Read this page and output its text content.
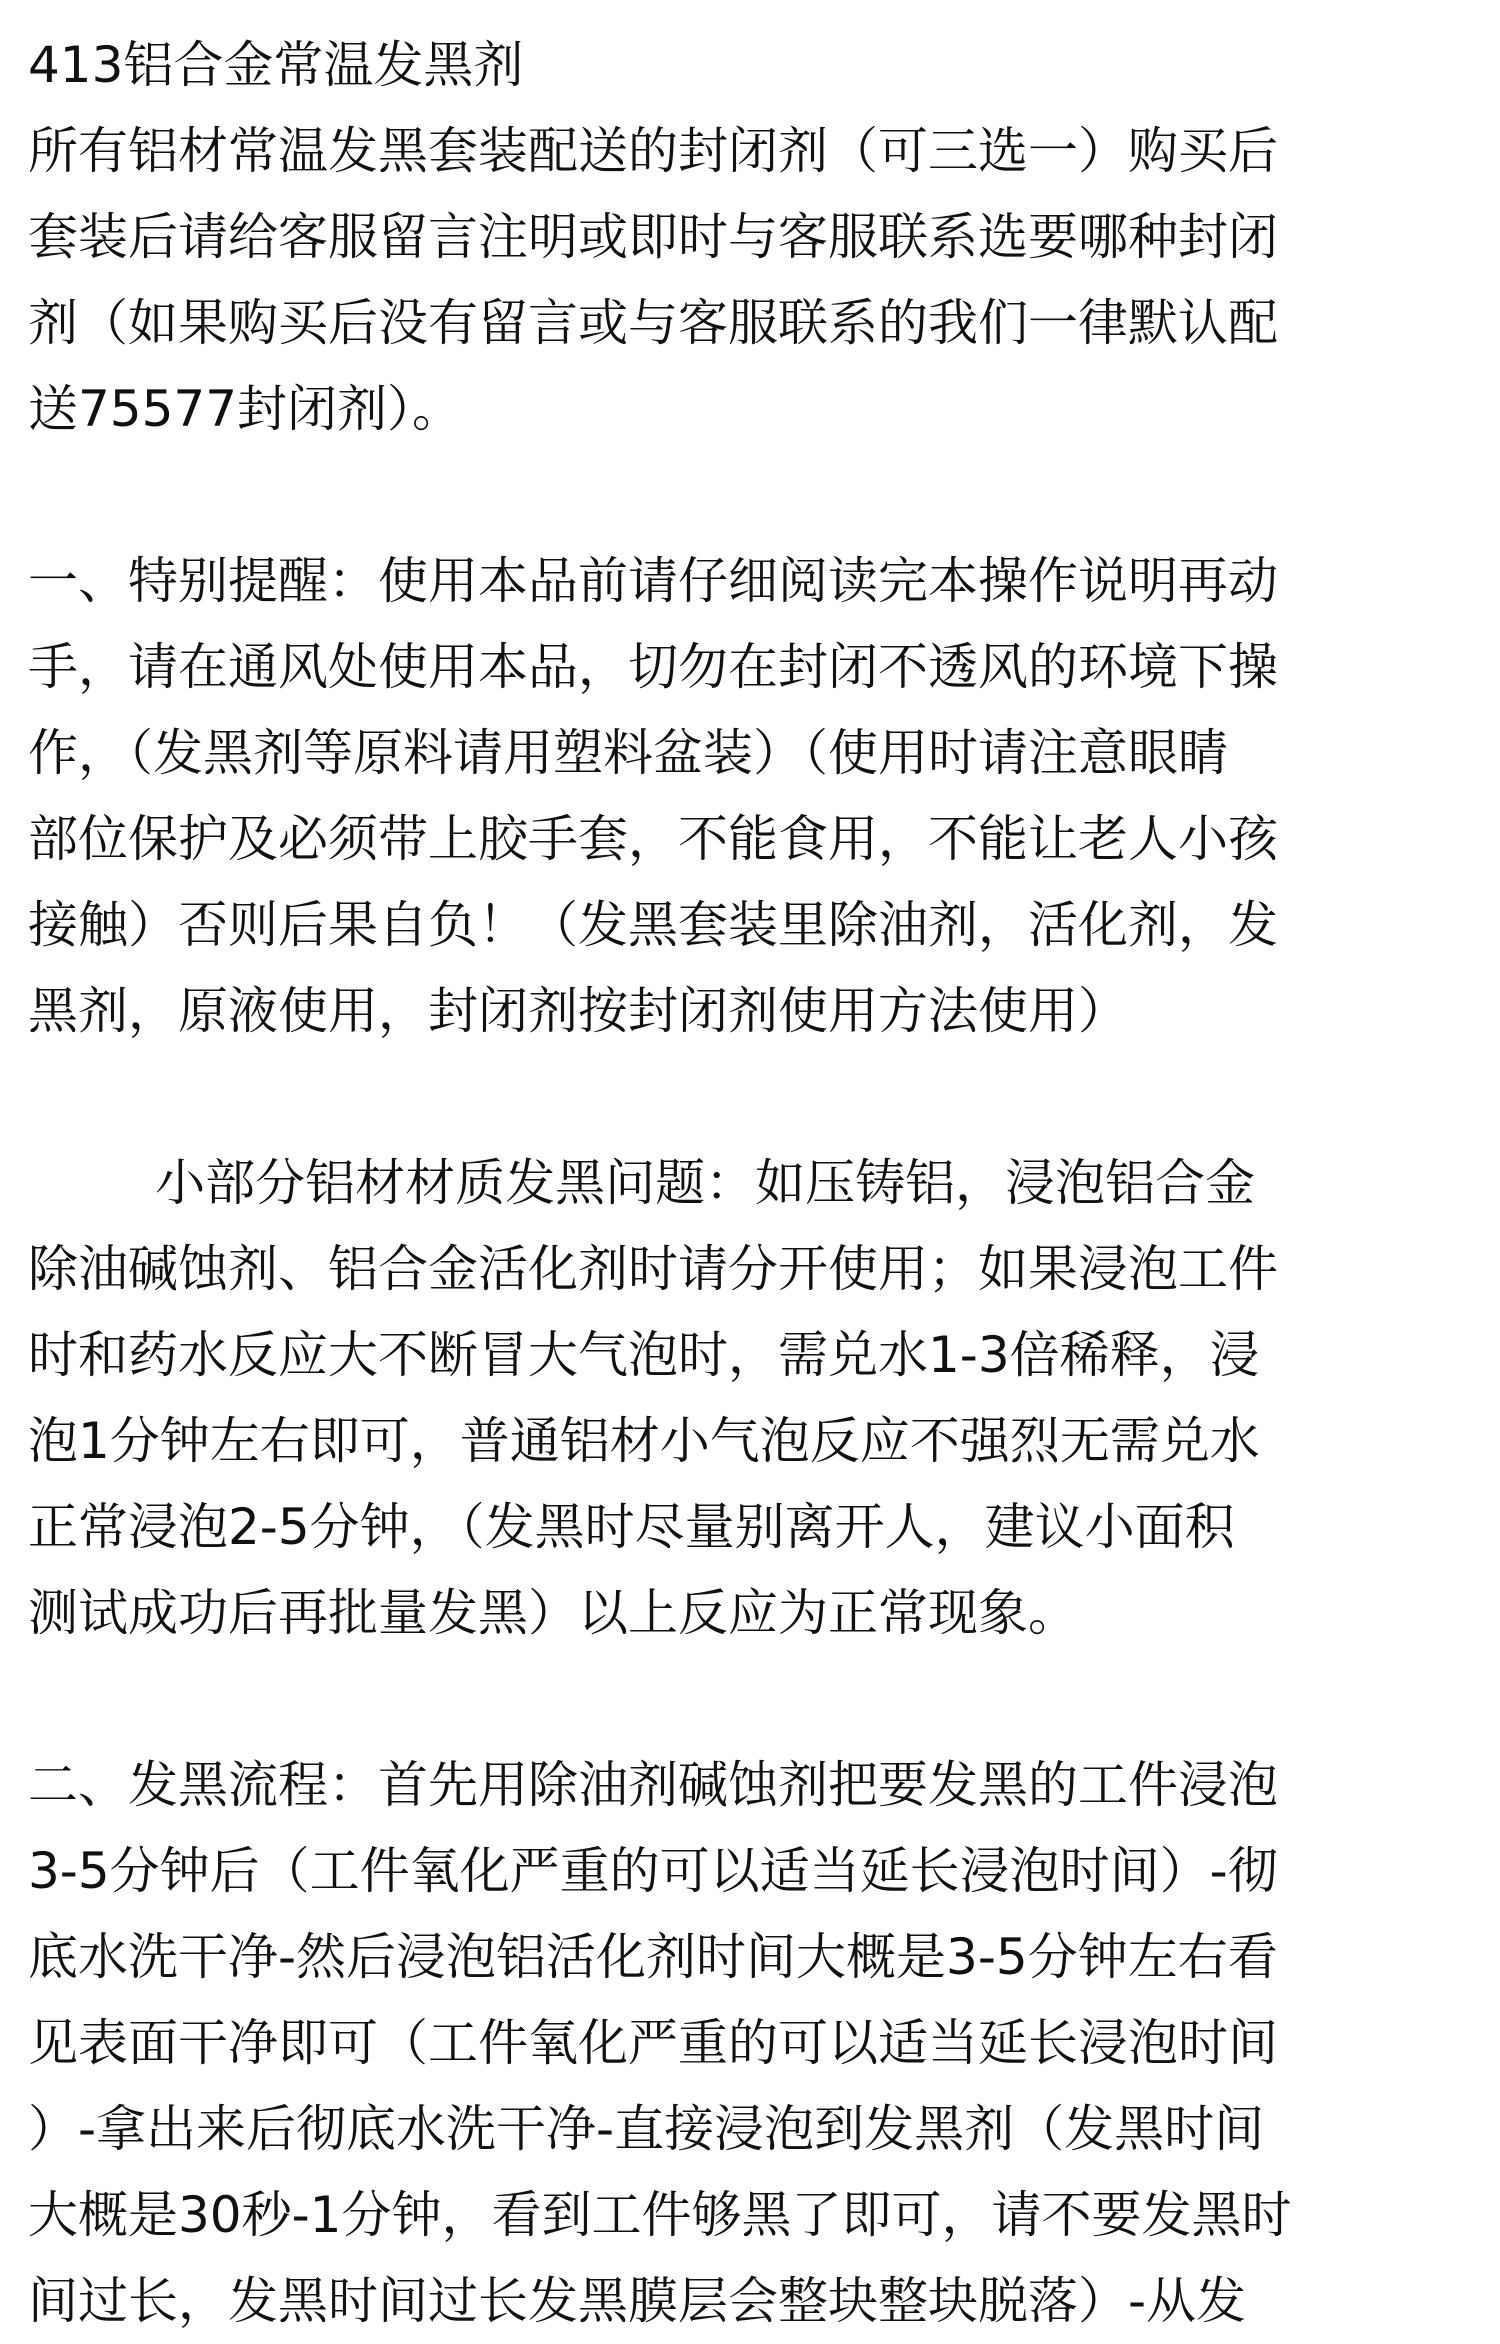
413铝合金常温发黑剂
所有铝材常温发黑套装配送的封闭剂（可三选一）购买后
套装后请给客服留言注明或即时与客服联系选要哪种封闭
剂（如果购买后没有留言或与客服联系的我们一律默认配
送75577封闭剂）。
一、特别提醒：使用本品前请仔细阅读完本操作说明再动
手，请在通风处使用本品，切勿在封闭不透风的环境下操
作，（发黑剂等原料请用塑料盆装）（使用时请注意眼睛
部位保护及必须带上胶手套，不能食用，不能让老人小孩
接触）否则后果自负！（发黑套装里除油剂，活化剂，发
黑剂，原液使用，封闭剂按封闭剂使用方法使用）
小部分铝材材质发黑问题：如压铸铝，浸泡铝合金
除油碱蚀剂、铝合金活化剂时请分开使用；如果浸泡工件
时和药水反应大不断冒大气泡时，需兑水1-3倍稀释，浸
泡1分钟左右即可，普通铝材小气泡反应不强烈无需兑水
正常浸泡2-5分钟，（发黑时尽量别离开人，建议小面积
测试成功后再批量发黑）以上反应为正常现象。
二、发黑流程：首先用除油剂碱蚀剂把要发黑的工件浸泡
3-5分钟后（工件氧化严重的可以适当延长浸泡时间）-彻
底水洗干净-然后浸泡铝活化剂时间大概是3-5分钟左右看
见表面干净即可（工件氧化严重的可以适当延长浸泡时间
）-拿出来后彻底水洗干净-直接浸泡到发黑剂（发黑时间
大概是30秒-1分钟，看到工件够黑了即可，请不要发黑时
间过长，发黑时间过长发黑膜层会整块整块脱落）-从发
